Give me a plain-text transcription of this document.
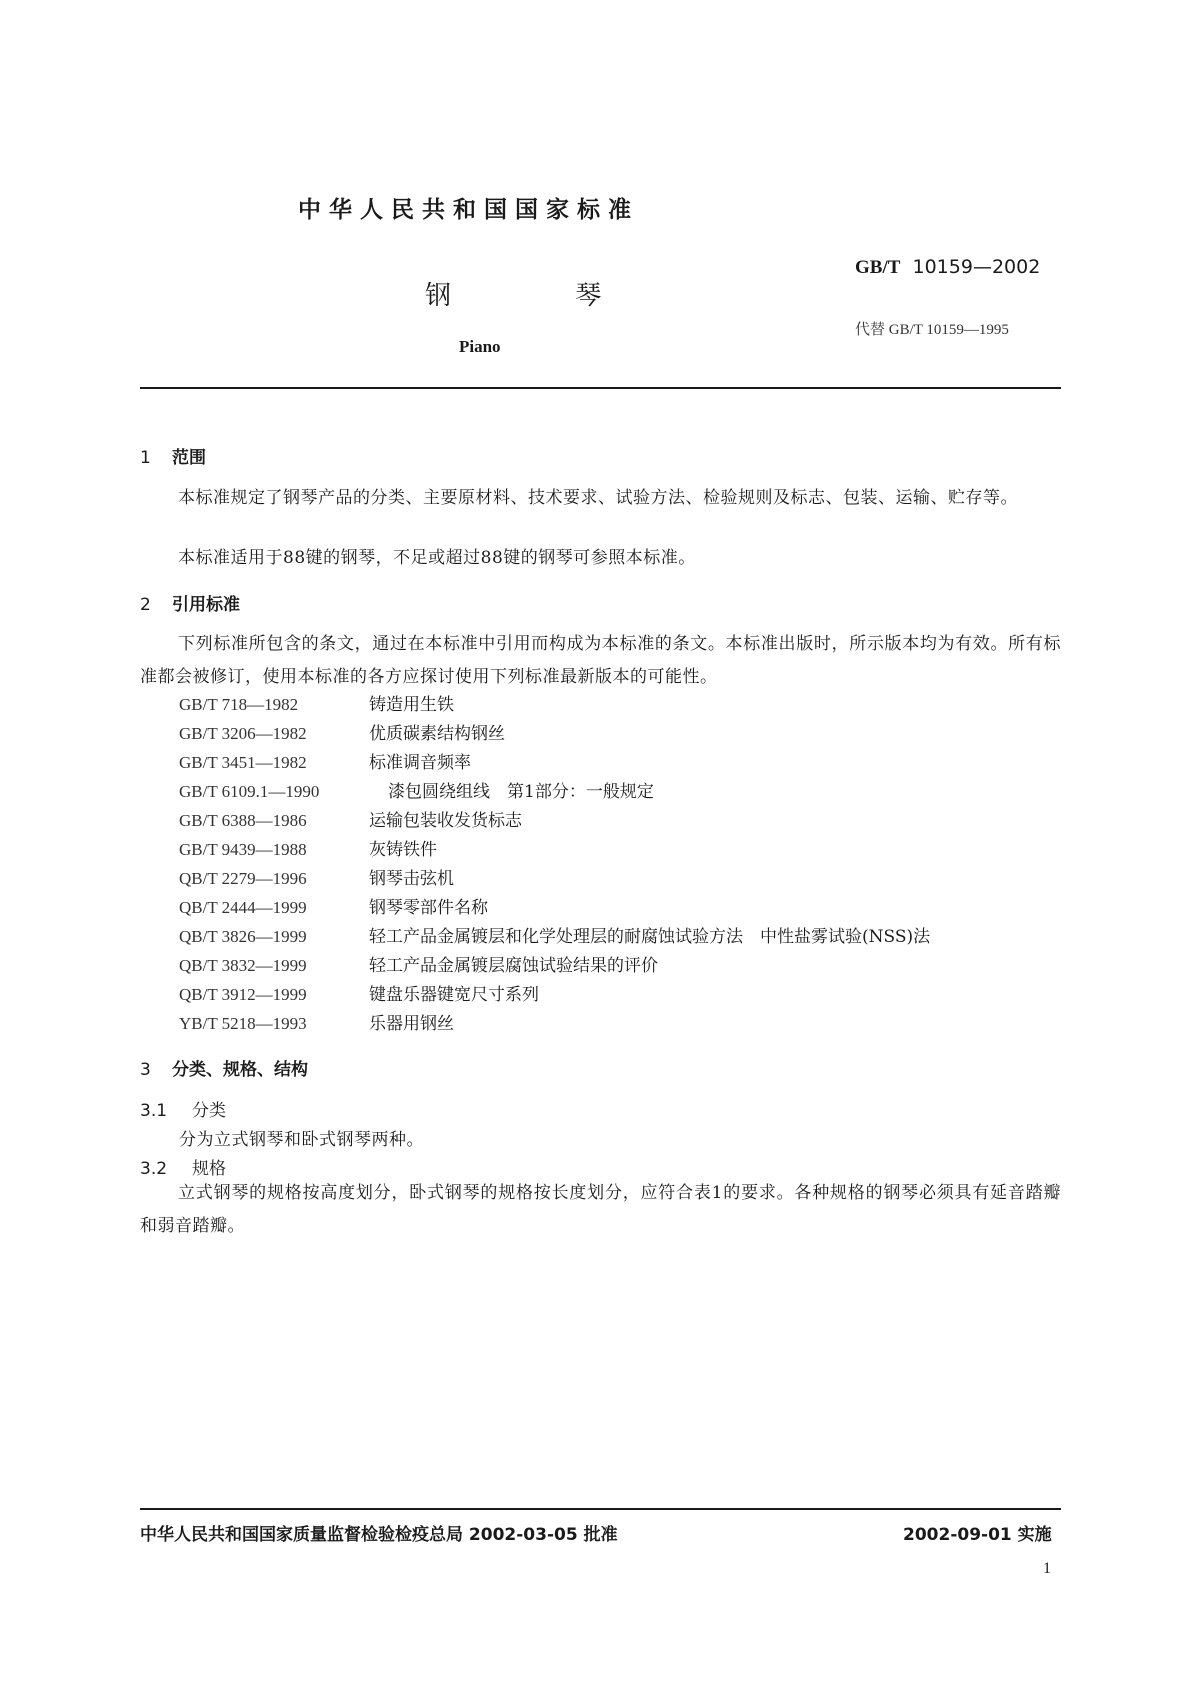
中华人民共和国国家标准
钢 琴
Piano
GB/T 10159—2002
代替 GB/T 10159—1995
1 范围
本标准规定了钢琴产品的分类、主要原材料、技术要求、试验方法、检验规则及标志、包装、运输、贮存等。
本标准适用于88键的钢琴，不足或超过88键的钢琴可参照本标准。
2 引用标准
下列标准所包含的条文，通过在本标准中引用而构成为本标准的条文。本标准出版时，所示版本均为有效。所有标准都会被修订，使用本标准的各方应探讨使用下列标准最新版本的可能性。
GB/T 718—1982	铸造用生铁
GB/T 3206—1982	优质碳素结构钢丝
GB/T 3451—1982	标准调音频率
GB/T 6109.1—1990	漆包圆绕组线　第1部分：一般规定
GB/T 6388—1986	运输包装收发货标志
GB/T 9439—1988	灰铸铁件
QB/T 2279—1996	钢琴击弦机
QB/T 2444—1999	钢琴零部件名称
QB/T 3826—1999	轻工产品金属镀层和化学处理层的耐腐蚀试验方法　中性盐雾试验(NSS)法
QB/T 3832—1999	轻工产品金属镀层腐蚀试验结果的评价
QB/T 3912—1999	键盘乐器键宽尺寸系列
YB/T 5218—1993	乐器用钢丝
3 分类、规格、结构
3.1 分类
分为立式钢琴和卧式钢琴两种。
3.2 规格
立式钢琴的规格按高度划分，卧式钢琴的规格按长度划分，应符合表1的要求。各种规格的钢琴必须具有延音踏瓣和弱音踏瓣。
中华人民共和国国家质量监督检验检疫总局 2002-03-05 批准	2002-09-01 实施
1
